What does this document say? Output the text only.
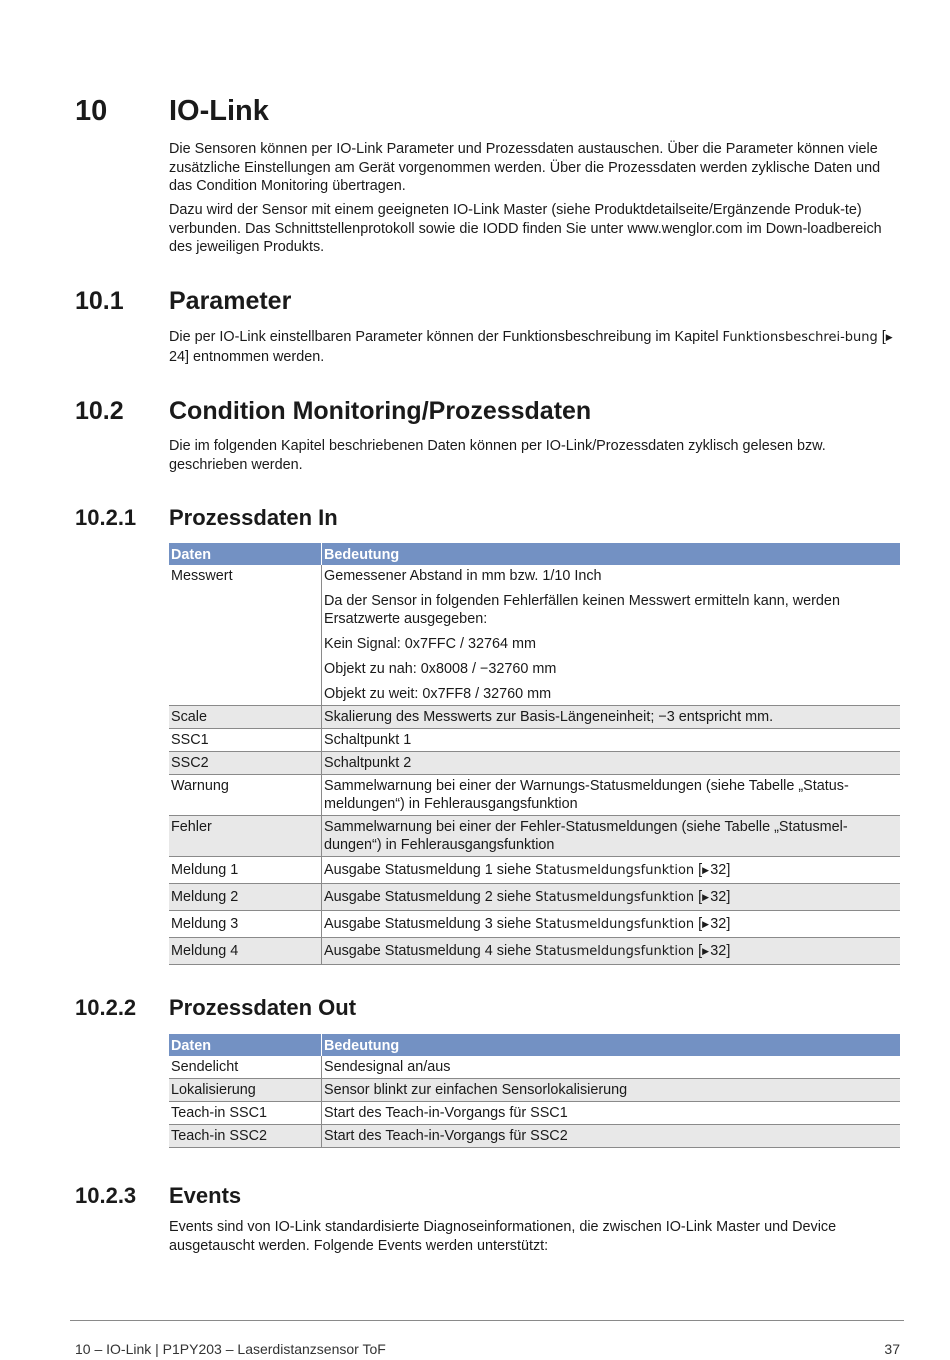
10 IO-Link

Die Sensoren können per IO-Link Parameter und Prozessdaten austauschen. Über die Parameter können viele zusätzliche Einstellungen am Gerät vorgenommen werden. Über die Prozessdaten werden zyklische Daten und das Condition Monitoring übertragen.

Dazu wird der Sensor mit einem geeigneten IO-Link Master (siehe Produktdetailseite/Ergänzende Produk-te) verbunden. Das Schnittstellenprotokoll sowie die IODD finden Sie unter www.wenglor.com im Down-loadbereich des jeweiligen Produkts.

10.1 Parameter

Die per IO-Link einstellbaren Parameter können der Funktionsbeschreibung im Kapitel Funktionsbeschrei-bung [▶ 24] entnommen werden.

10.2 Condition Monitoring/Prozessdaten

Die im folgenden Kapitel beschriebenen Daten können per IO-Link/Prozessdaten zyklisch gelesen bzw. geschrieben werden.

10.2.1 Prozessdaten In
Daten	Bedeutung
Messwert	Gemessener Abstand in mm bzw. 1/10 Inch
Da der Sensor in folgenden Fehlerfällen keinen Messwert ermitteln kann, werden Ersatzwerte ausgegeben:
Kein Signal: 0x7FFC / 32764 mm
Objekt zu nah: 0x8008 / −32760 mm
Objekt zu weit: 0x7FF8 / 32760 mm

Scale	Skalierung des Messwerts zur Basis-Längeneinheit; −3 entspricht mm.
SSC1	Schaltpunkt 1
SSC2	Schaltpunkt 2
Warnung	Sammelwarnung bei einer der Warnungs-Statusmeldungen (siehe Tabelle „Status-meldungen“) in Fehlerausgangsfunktion
Fehler	Sammelwarnung bei einer der Fehler-Statusmeldungen (siehe Tabelle „Statusmel-dungen“) in Fehlerausgangsfunktion
Meldung 1	Ausgabe Statusmeldung 1 siehe Statusmeldungsfunktion [▶ 32]
Meldung 2	Ausgabe Statusmeldung 2 siehe Statusmeldungsfunktion [▶ 32]
Meldung 3	Ausgabe Statusmeldung 3 siehe Statusmeldungsfunktion [▶ 32]
Meldung 4	Ausgabe Statusmeldung 4 siehe Statusmeldungsfunktion [▶ 32]
10.2.2 Prozessdaten Out
Daten	Bedeutung
Sendelicht	Sendesignal an/aus
Lokalisierung	Sensor blinkt zur einfachen Sensorlokalisierung
Teach-in SSC1	Start des Teach-in-Vorgangs für SSC1
Teach-in SSC2	Start des Teach-in-Vorgangs für SSC2
10.2.3 Events

Events sind von IO-Link standardisierte Diagnoseinformationen, die zwischen IO-Link Master und Device ausgetauscht werden. Folgende Events werden unterstützt:

10 – IO-Link | P1PY203 – Laserdistanzsensor ToF	37
